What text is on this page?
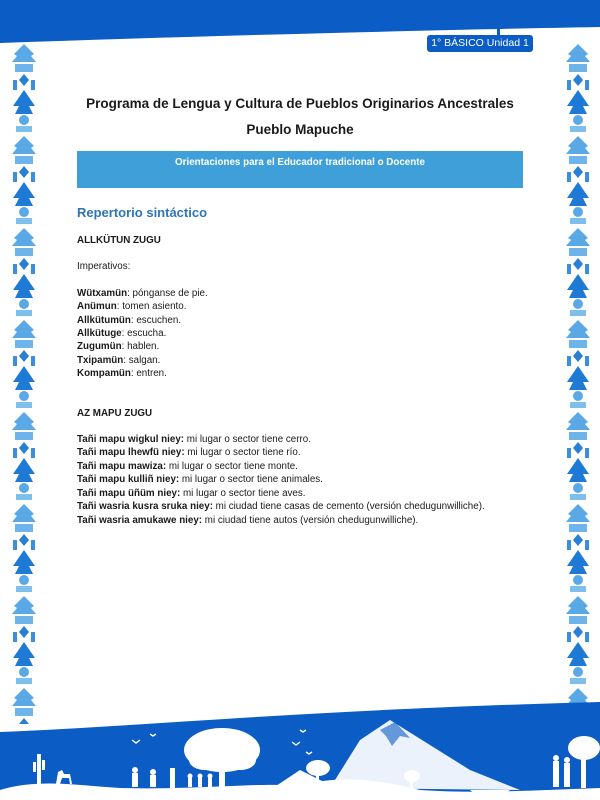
1° BÁSICO Unidad 1
Programa de Lengua y Cultura de Pueblos Originarios Ancestrales
Pueblo Mapuche
Orientaciones para el Educador tradicional o Docente
Repertorio sintáctico

ALLKÜTUN ZUGU

Imperativos:

Wütxamün: pónganse de pie.

Anümun: tomen asiento.

Allkütumün: escuchen.

Allkütuge: escucha.

Zugumün: hablen.

Txipamün: salgan.

Kompamün: entren.

AZ MAPU ZUGU

Tañi mapu wigkul niey: mi lugar o sector tiene cerro.

Tañi mapu lhewfü niey: mi lugar o sector tiene río.

Tañi mapu mawiza: mi lugar o sector tiene monte.

Tañi mapu kulliñ niey: mi lugar o sector tiene animales.

Tañi mapu üñüm niey: mi lugar o sector tiene aves.

Tañi wasria kusra sruka niey: mi ciudad tiene casas de cemento (versión chedugunwilliche).

Tañi wasria amukawe niey: mi ciudad tiene autos (versión chedugunwilliche).
